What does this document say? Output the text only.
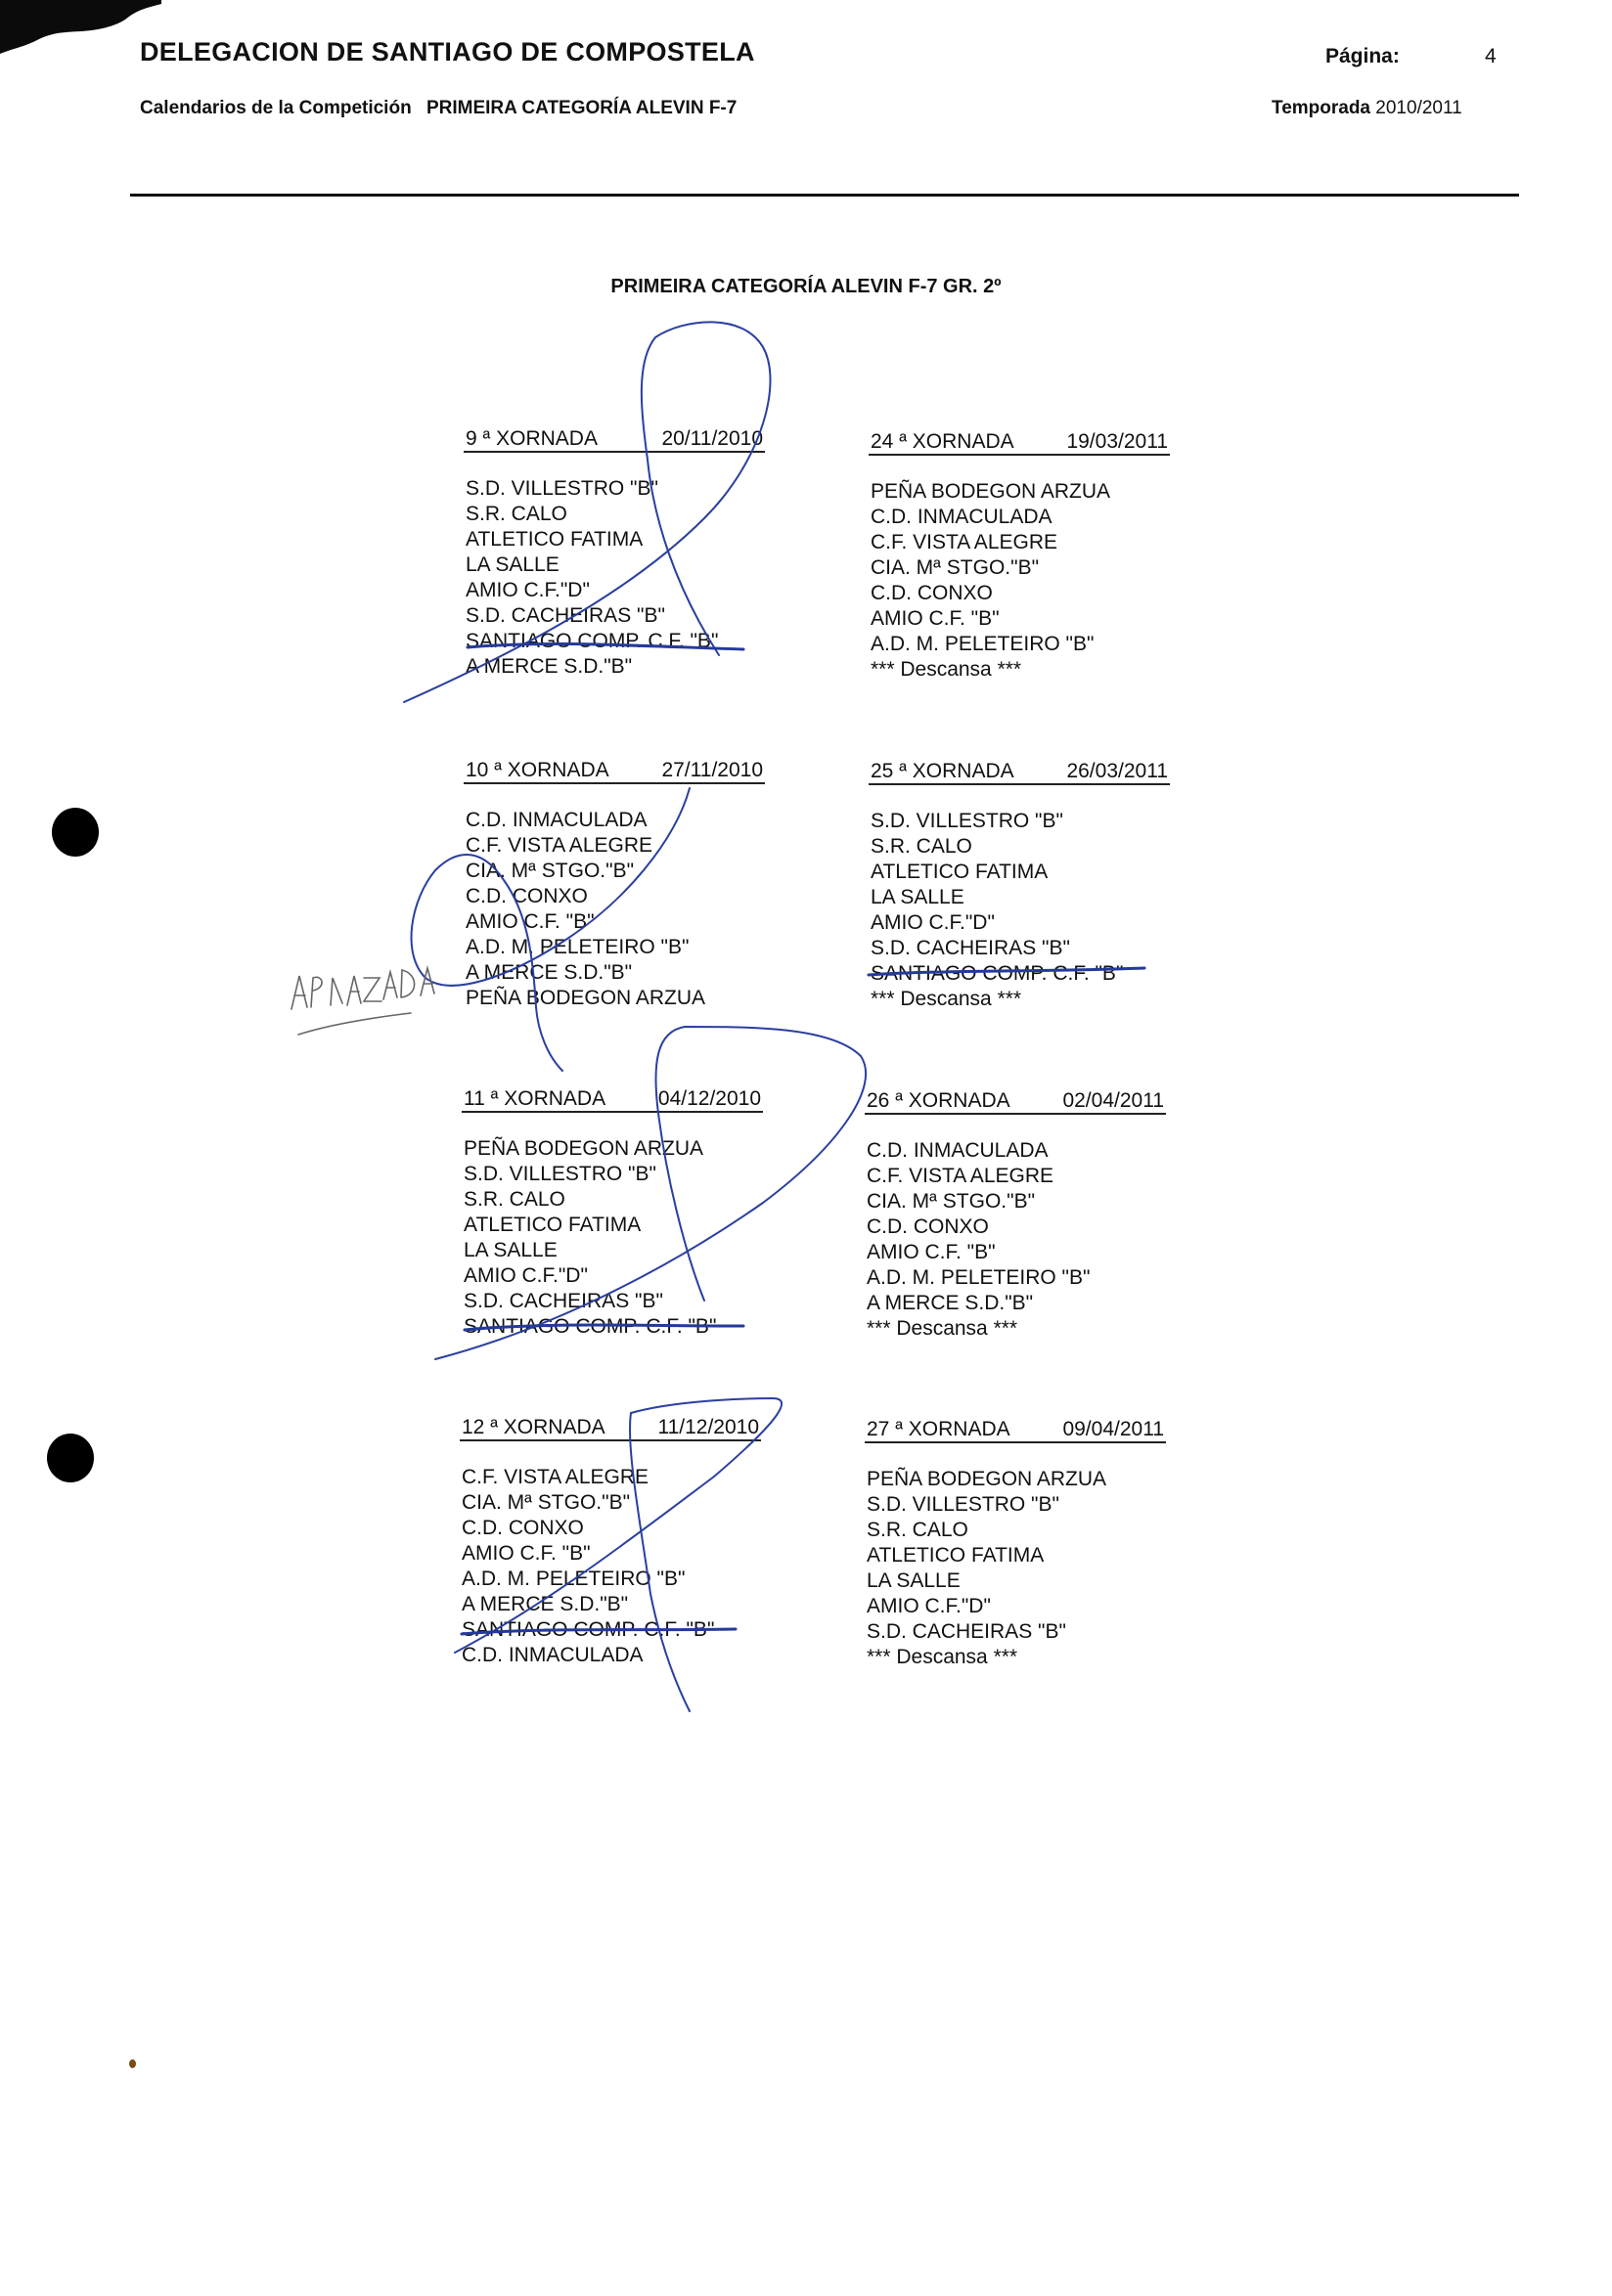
DELEGACION DE SANTIAGO DE COMPOSTELA	Página:	4
Calendarios de la Competición PRIMEIRA CATEGORÍA ALEVIN F-7	Temporada 2010/2011
PRIMEIRA CATEGORÍA ALEVIN F-7 GR. 2º
9 ª XORNADA	20/11/2010
S.D. VILLESTRO "B"
S.R. CALO
ATLETICO FATIMA
LA SALLE
AMIO C.F."D"
S.D. CACHEIRAS "B"
SANTIAGO COMP. C.F. "B"
A MERCE S.D."B"
10 ª XORNADA	27/11/2010
C.D. INMACULADA
C.F. VISTA ALEGRE
CIA. Mª STGO."B"
C.D. CONXO
AMIO C.F. "B"
A.D. M. PELETEIRO "B"
A MERCE S.D."B"
PEÑA BODEGON ARZUA
11 ª XORNADA	04/12/2010
PEÑA BODEGON ARZUA
S.D. VILLESTRO "B"
S.R. CALO
ATLETICO FATIMA
LA SALLE
AMIO C.F."D"
S.D. CACHEIRAS "B"
SANTIAGO COMP. C.F. "B"
12 ª XORNADA	11/12/2010
C.F. VISTA ALEGRE
CIA. Mª STGO."B"
C.D. CONXO
AMIO C.F. "B"
A.D. M. PELETEIRO "B"
A MERCE S.D."B"
SANTIAGO COMP. C.F. "B"
C.D. INMACULADA
24 ª XORNADA	19/03/2011
PEÑA BODEGON ARZUA
C.D. INMACULADA
C.F. VISTA ALEGRE
CIA. Mª STGO."B"
C.D. CONXO
AMIO C.F. "B"
A.D. M. PELETEIRO "B"
*** Descansa ***
25 ª XORNADA	26/03/2011
S.D. VILLESTRO "B"
S.R. CALO
ATLETICO FATIMA
LA SALLE
AMIO C.F."D"
S.D. CACHEIRAS "B"
SANTIAGO COMP. C.F. "B"
*** Descansa ***
26 ª XORNADA	02/04/2011
C.D. INMACULADA
C.F. VISTA ALEGRE
CIA. Mª STGO."B"
C.D. CONXO
AMIO C.F. "B"
A.D. M. PELETEIRO "B"
A MERCE S.D."B"
*** Descansa ***
27 ª XORNADA	09/04/2011
PEÑA BODEGON ARZUA
S.D. VILLESTRO "B"
S.R. CALO
ATLETICO FATIMA
LA SALLE
AMIO C.F."D"
S.D. CACHEIRAS "B"
*** Descansa ***
